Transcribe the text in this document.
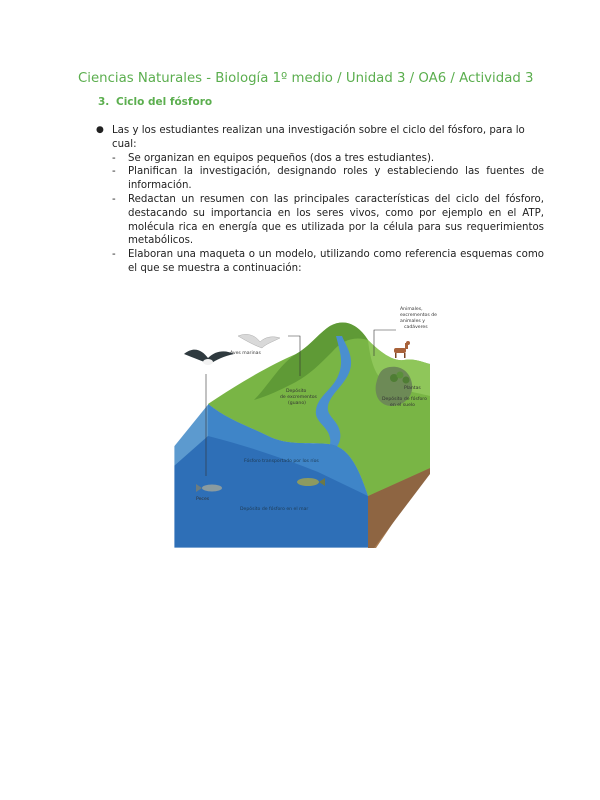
Ciencias Naturales - Biología 1º medio / Unidad 3 / OA6 / Actividad 3
3. Ciclo del fósforo
● Las y los estudiantes realizan una investigación sobre el ciclo del fósforo, para lo cual:
-	Se organizan en equipos pequeños (dos a tres estudiantes).
-	Planifican la investigación, designando roles y estableciendo las fuentes de información.
-	Redactan un resumen con las principales características del ciclo del fósforo, destacando su importancia en los seres vivos, como por ejemplo en el ATP, molécula rica en energía que es utilizada por la célula para sus requerimientos metabólicos.
-	Elaboran una maqueta o un modelo, utilizando como referencia esquemas como el que se muestra a continuación:
Aves marinas
Depósito
de excrementos
(guano)
Animales,
excrementos de
animales y
cadáveres
Plantas
Depósito de fósforo
en el suelo
Fósforo transportado por los ríos
Peces
Depósito de fósforo en el mar
